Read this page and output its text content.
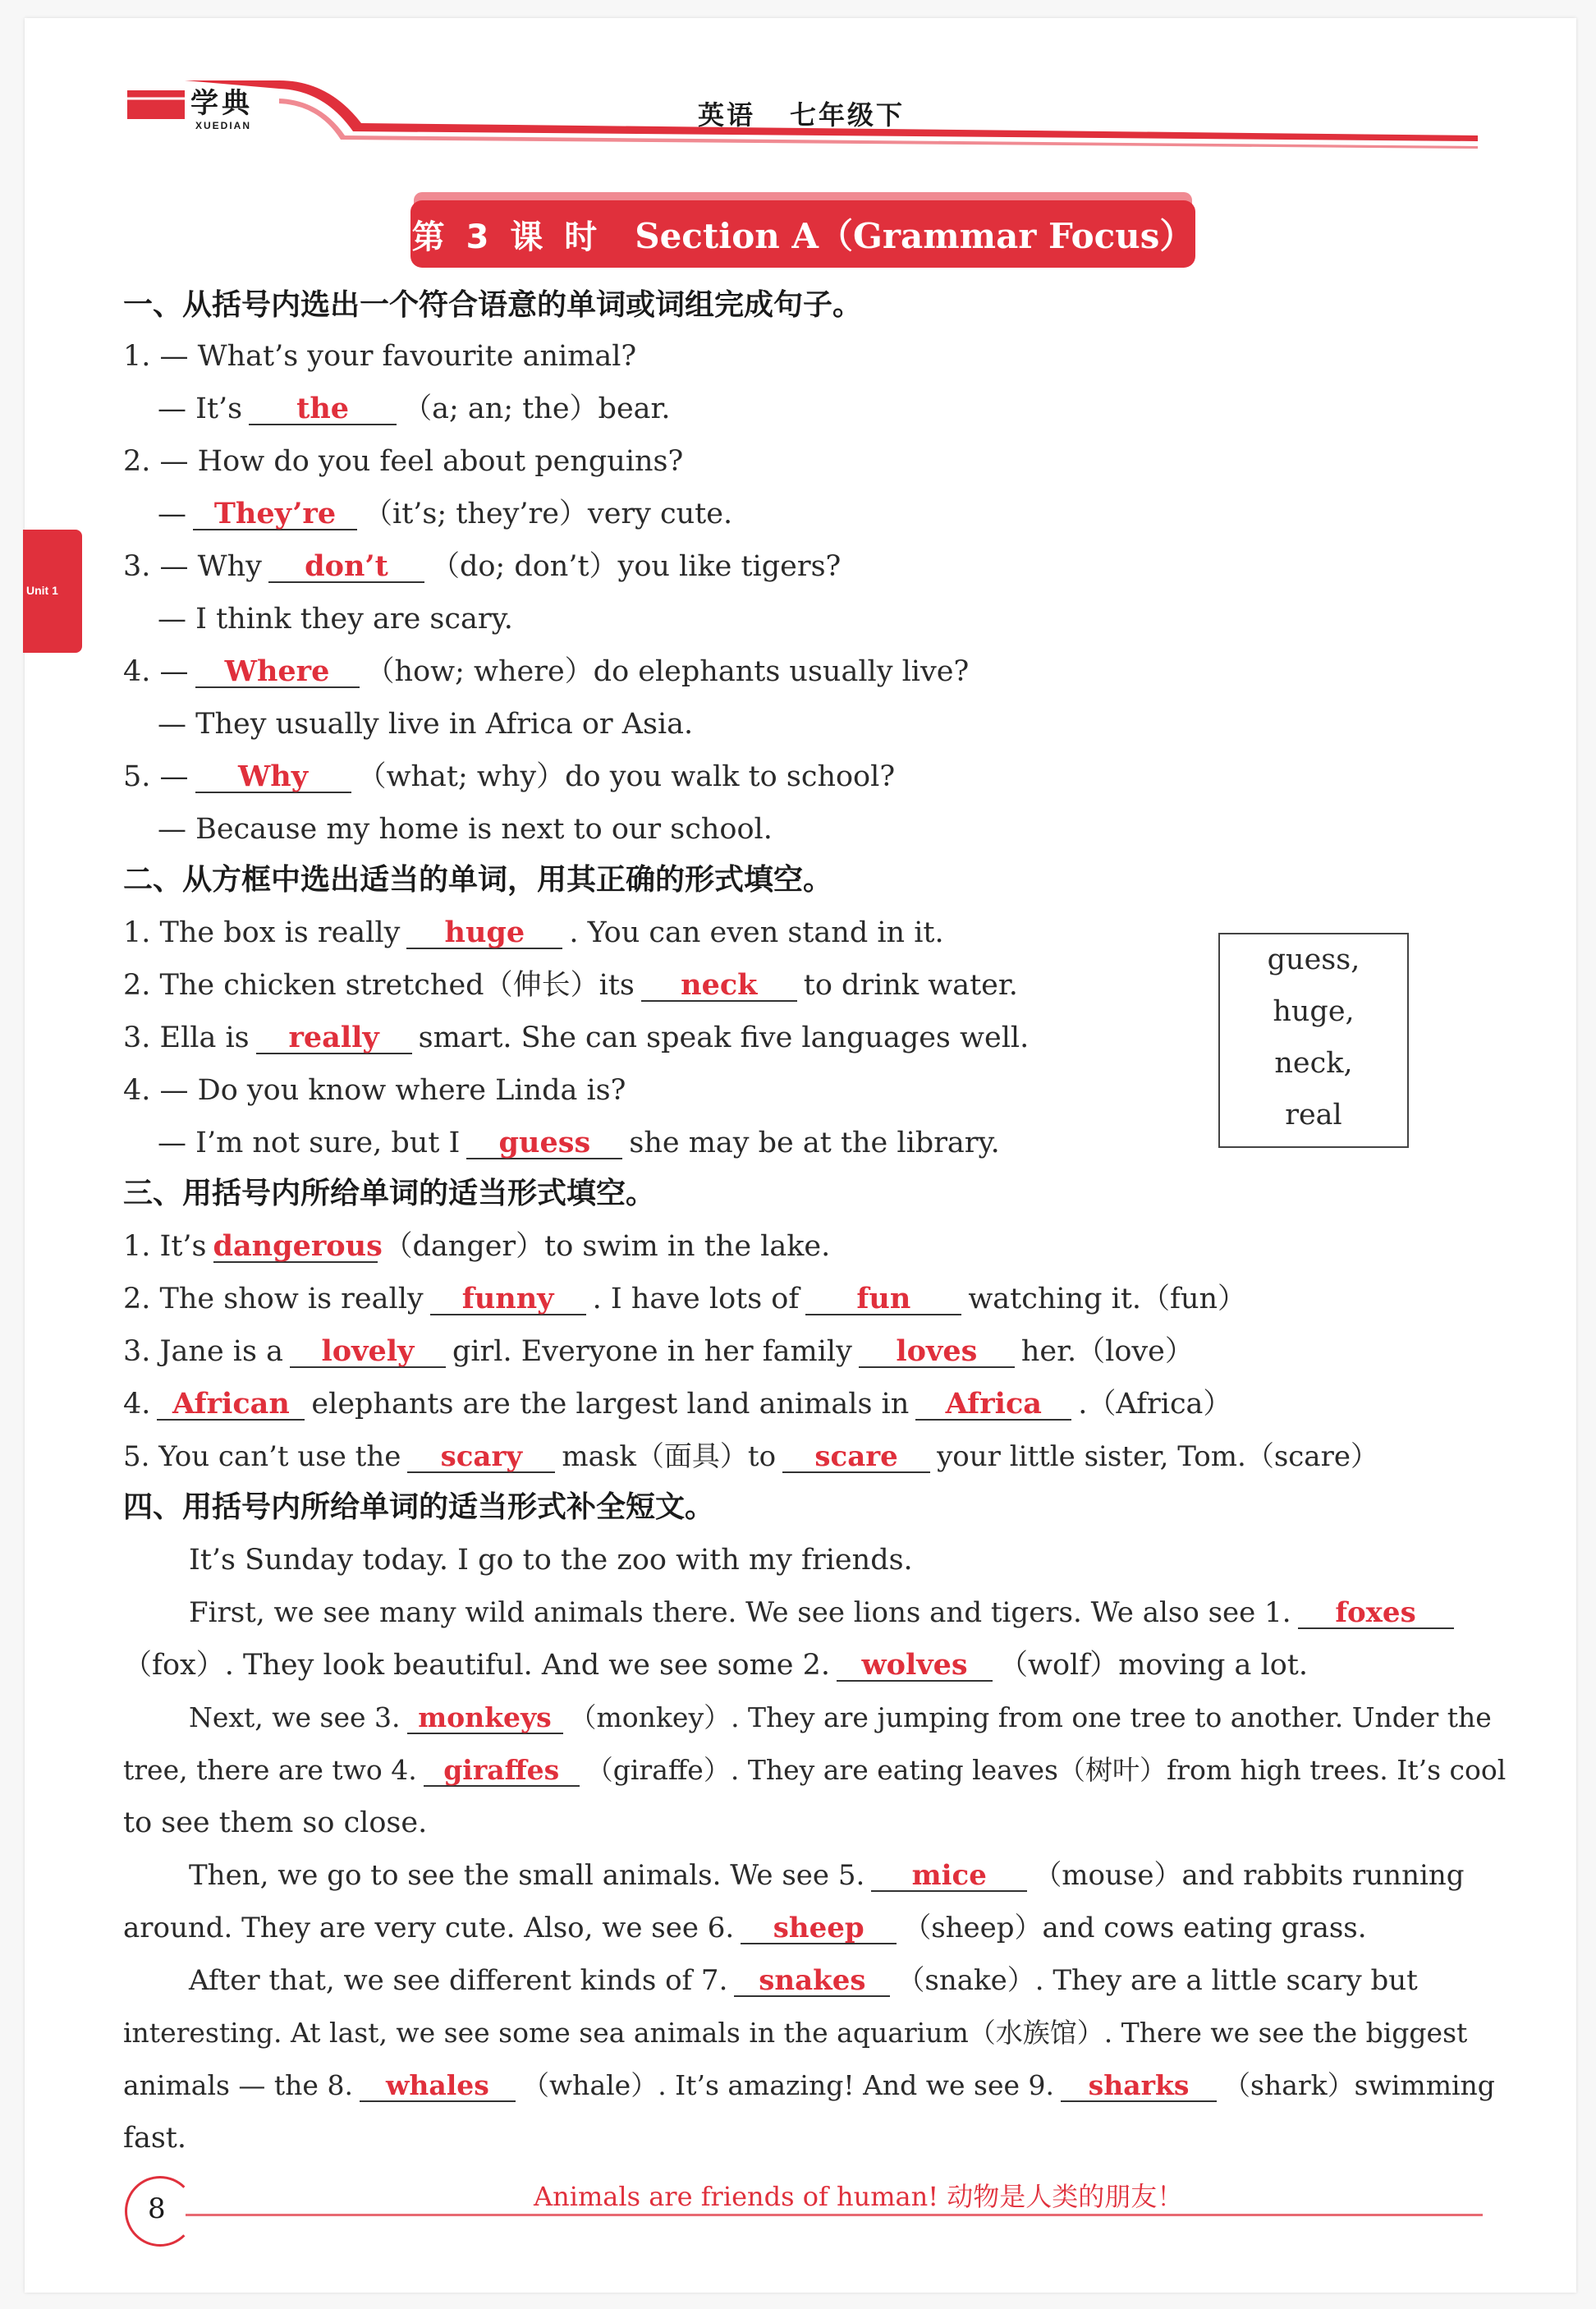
学典
XUEDIAN	英语 七年级下
第 3 课 时 Section A（Grammar Focus）
Unit 1
一、从括号内选出一个符合语意的单词或词组完成句子。
1. — What’s your favourite animal?
— It’s the （a; an; the）bear.
2. — How do you feel about penguins?
— They’re （it’s; they’re）very cute.
3. — Why don’t （do; don’t）you like tigers?
— I think they are scary.
4. — Where （how; where）do elephants usually live?
— They usually live in Africa or Asia.
5. — Why （what; why）do you walk to school?
— Because my home is next to our school.
二、从方框中选出适当的单词，用其正确的形式填空。
1. The box is really huge . You can even stand in it.
2. The chicken stretched（伸长）its neck to drink water.
3. Ella is really smart. She can speak five languages well.
4. — Do you know where Linda is?
— I’m not sure, but I guess she may be at the library.
guess,
huge,
neck,
real
三、用括号内所给单词的适当形式填空。
1. It’s dangerous（danger）to swim in the lake.
2. The show is really funny . I have lots of fun watching it.（fun）
3. Jane is a lovely girl. Everyone in her family loves her.（love）
4. African elephants are the largest land animals in Africa .（Africa）
5. You can’t use the scary mask（面具）to scare your little sister, Tom.（scare）
四、用括号内所给单词的适当形式补全短文。
It’s Sunday today. I go to the zoo with my friends.
First, we see many wild animals there. We see lions and tigers. We also see 1. foxes
（fox）. They look beautiful. And we see some 2. wolves （wolf）moving a lot.
Next, we see 3. monkeys （monkey）. They are jumping from one tree to another. Under the
tree, there are two 4. giraffes （giraffe）. They are eating leaves（树叶）from high trees. It’s cool
to see them so close.
Then, we go to see the small animals. We see 5. mice （mouse）and rabbits running
around. They are very cute. Also, we see 6. sheep （sheep）and cows eating grass.
After that, we see different kinds of 7. snakes （snake）. They are a little scary but
interesting. At last, we see some sea animals in the aquarium（水族馆）. There we see the biggest
animals — the 8. whales （whale）. It’s amazing! And we see 9. sharks （shark）swimming
fast.
8	Animals are friends of human! 动物是人类的朋友！
